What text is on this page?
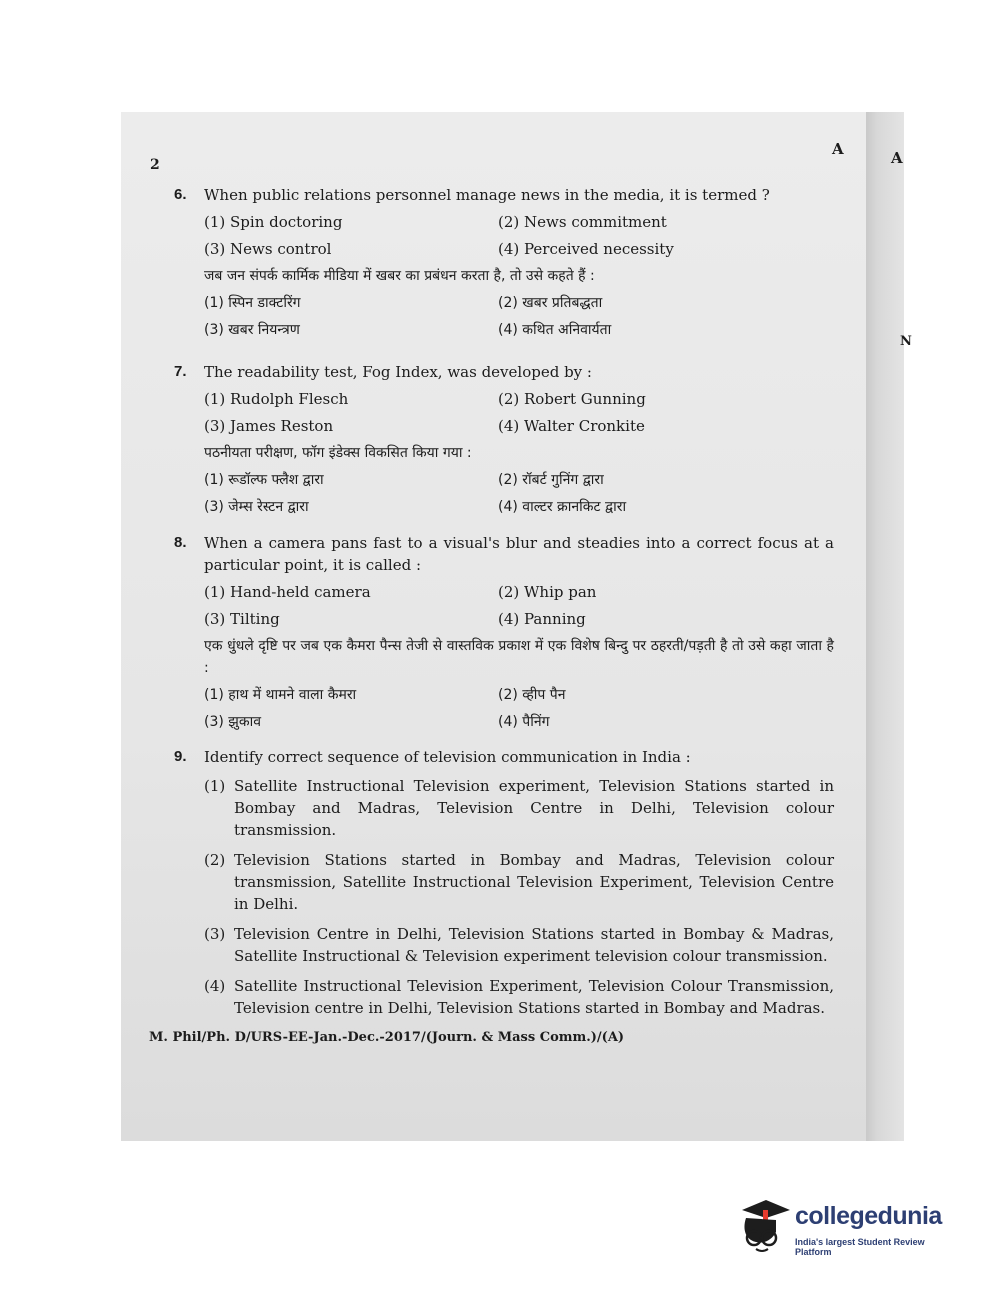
A
N
2
A
6. When public relations personnel manage news in the media, it is termed ?
(1) Spin doctoring	(2) News commitment
(3) News control	(4) Perceived necessity
जब जन संपर्क कार्मिक मीडिया में खबर का प्रबंधन करता है, तो उसे कहते हैं :
(1) स्पिन डाक्टरिंग	(2) खबर प्रतिबद्धता
(3) खबर नियन्त्रण	(4) कथित अनिवार्यता
7. The readability test, Fog Index, was developed by :
(1) Rudolph Flesch	(2) Robert Gunning
(3) James Reston	(4) Walter Cronkite
पठनीयता परीक्षण, फॉग इंडेक्स विकसित किया गया :
(1) रूडॉल्फ फ्लैश द्वारा	(2) रॉबर्ट गुनिंग द्वारा
(3) जेम्स रेस्टन द्वारा	(4) वाल्टर क्रानकिट द्वारा
8. When a camera pans fast to a visual's blur and steadies into a correct focus at a particular point, it is called :
(1) Hand-held camera	(2) Whip pan
(3) Tilting	(4) Panning
एक धुंधले दृष्टि पर जब एक कैमरा पैन्स तेजी से वास्तविक प्रकाश में एक विशेष बिन्दु पर ठहरती/पड़ती है तो उसे कहा जाता है :
(1) हाथ में थामने वाला कैमरा	(2) व्हीप पैन
(3) झुकाव	(4) पैनिंग
9. Identify correct sequence of television communication in India :
(1) Satellite Instructional Television experiment, Television Stations started in Bombay and Madras, Television Centre in Delhi, Television colour transmission.
(2) Television Stations started in Bombay and Madras, Television colour transmission, Satellite Instructional Television Experiment, Television Centre in Delhi.
(3) Television Centre in Delhi, Television Stations started in Bombay & Madras, Satellite Instructional & Television experiment television colour transmission.
(4) Satellite Instructional Television Experiment, Television Colour Transmission, Television centre in Delhi, Television Stations started in Bombay and Madras.
M. Phil/Ph. D/URS-EE-Jan.-Dec.-2017/(Journ. & Mass Comm.)/(A)
collegedunia
India's largest Student Review Platform
